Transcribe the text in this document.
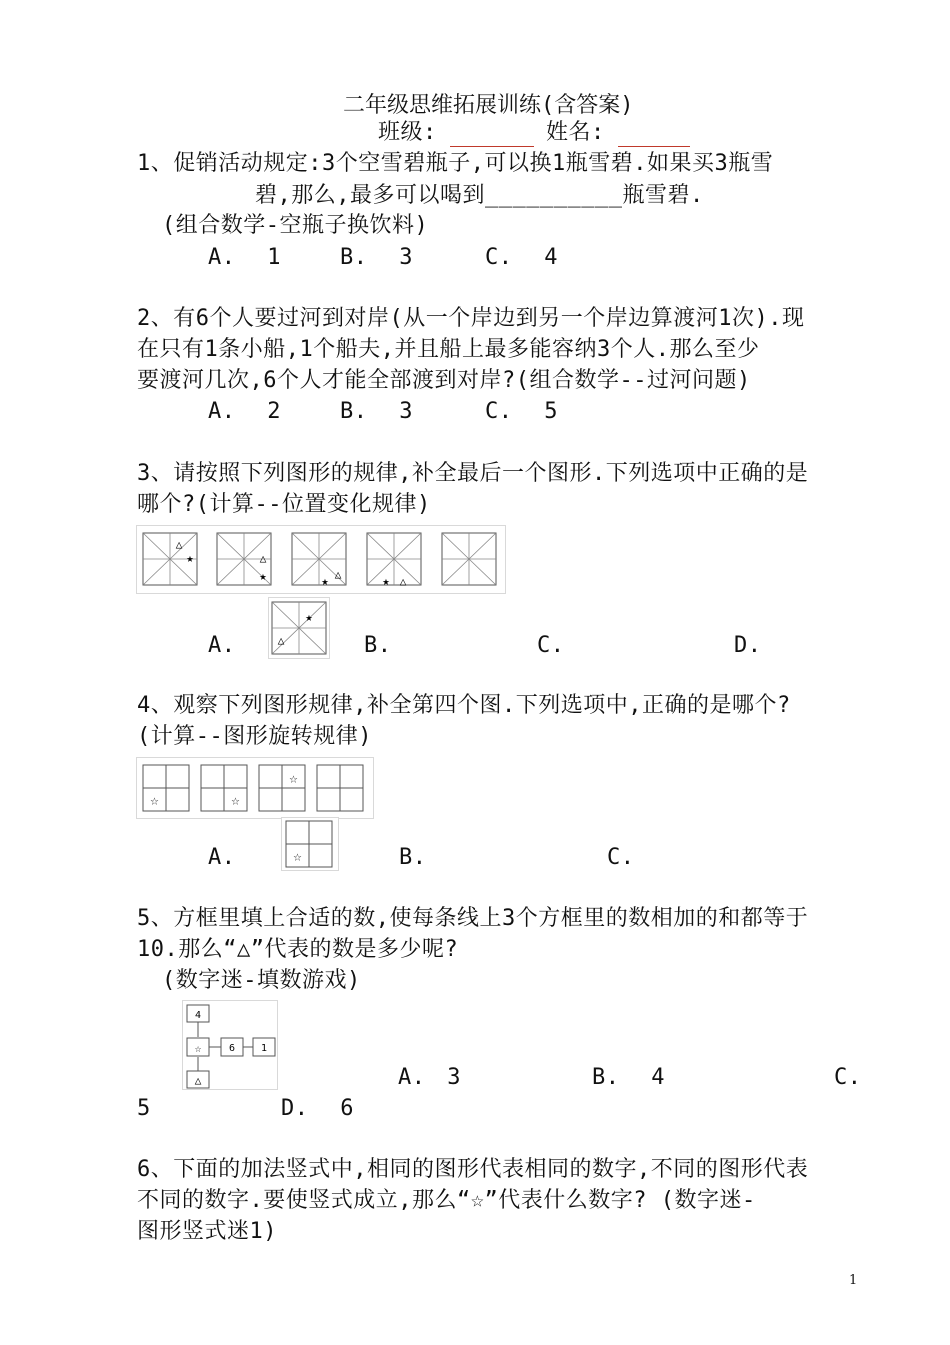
二年级思维拓展训练(含答案)
班级:	姓名:
1、促销活动规定:3个空雪碧瓶子,可以换1瓶雪碧.如果买3瓶雪
碧,那么,最多可以喝到__________瓶雪碧.
(组合数学-空瓶子换饮料)
A. 1	B. 3	C. 4
2、有6个人要过河到对岸(从一个岸边到另一个岸边算渡河1次).现
在只有1条小船,1个船夫,并且船上最多能容纳3个人.那么至少
要渡河几次,6个人才能全部渡到对岸?(组合数学--过河问题)
A. 2	B. 3	C. 5
3、请按照下列图形的规律,补全最后一个图形.下列选项中正确的是
哪个?(计算--位置变化规律)
△
★	△
★	△
★	★ △
★
△
A.	B.	C.	D.
4、观察下列图形规律,补全第四个图.下列选项中,正确的是哪个?
(计算--图形旋转规律)
☆	☆
☆
☆
A.	B.	C.
5、方框里填上合适的数,使每条线上3个方框里的数相加的和都等于
10.那么“△”代表的数是多少呢?
(数字迷-填数游戏)
4
☆	6	1
△	A. 3	B. 4	C.
5	D. 6
6、下面的加法竖式中,相同的图形代表相同的数字,不同的图形代表
不同的数字.要使竖式成立,那么“☆”代表什么数字? (数字迷-
图形竖式迷1)
1
